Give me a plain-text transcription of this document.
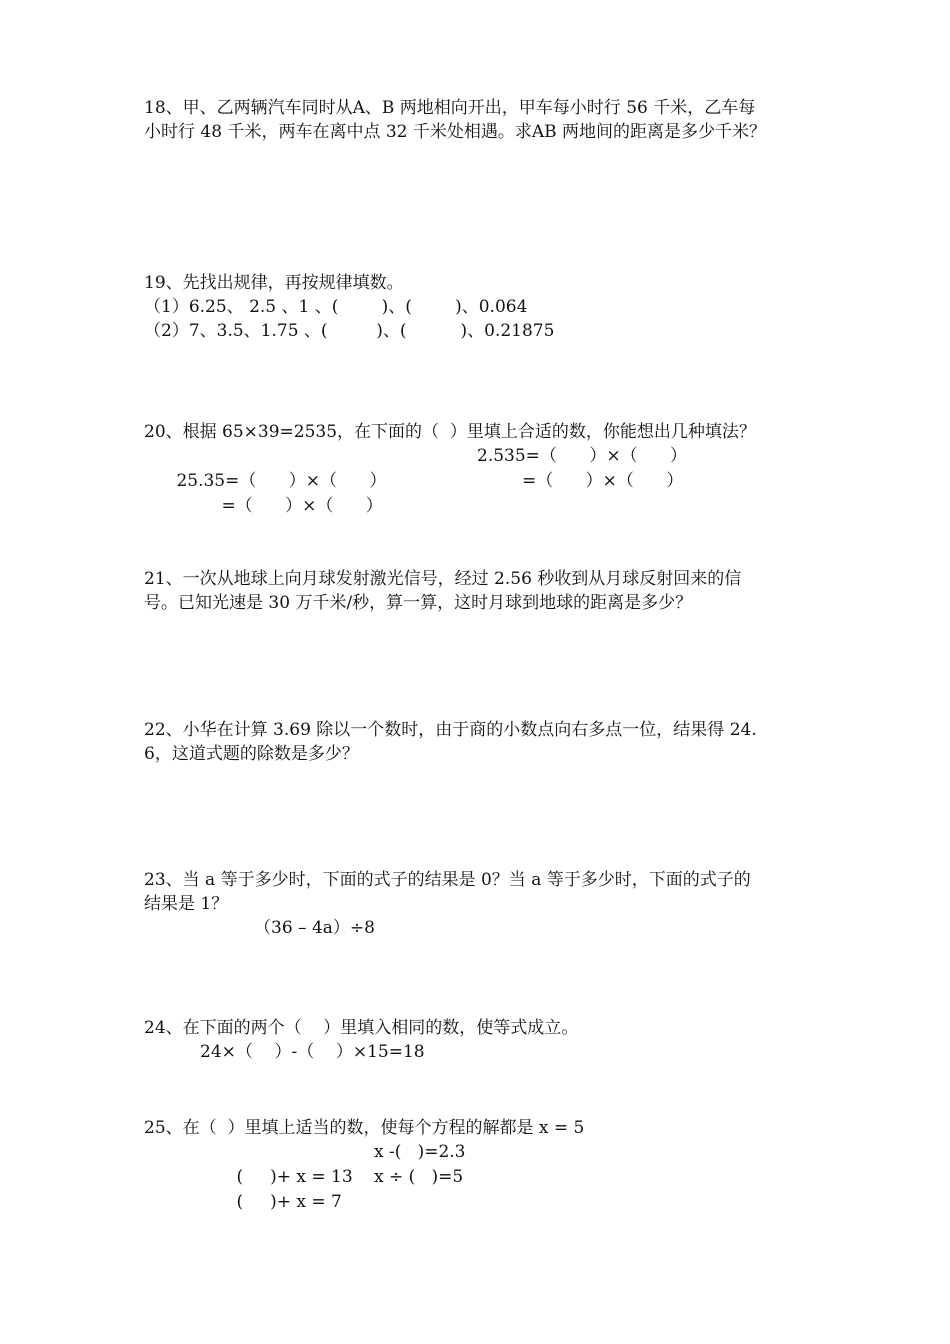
18、甲、乙两辆汽车同时从A、B 两地相向开出，甲车每小时行 56 千米，乙车每
小时行 48 千米，两车在离中点 32 千米处相遇。求AB 两地间的距离是多少千米？
19、先找出规律，再按规律填数。
（1）6.25、 2.5 、1 、(        )、(        )、0.064
（2）7、3.5、1.75 、(         )、(          )、0.21875
20、根据 65×39=2535，在下面的（  ）里填上合适的数，你能想出几种填法？

25.35=（      ）×（      ）

2.535=（      ）×（      ）

=（      ）×（      ）

=（      ）×（      ）

21、一次从地球上向月球发射激光信号，经过 2.56 秒收到从月球反射回来的信
号。已知光速是 30 万千米/秒，算一算，这时月球到地球的距离是多少？
22、小华在计算 3.69 除以一个数时，由于商的小数点向右多点一位，结果得 24.
6，这道式题的除数是多少？
23、当 a 等于多少时，下面的式子的结果是 0？当 a 等于多少时，下面的式子的
结果是 1？
（36 – 4a）÷8
24、在下面的两个（    ）里填入相同的数，使等式成立。
24×（    ）-（    ）×15=18
25、在（  ）里填上适当的数，使每个方程的解都是 x = 5

(     )+ x = 13

x -(   )=2.3

(     )+ x = 7

x ÷ (   )=5
